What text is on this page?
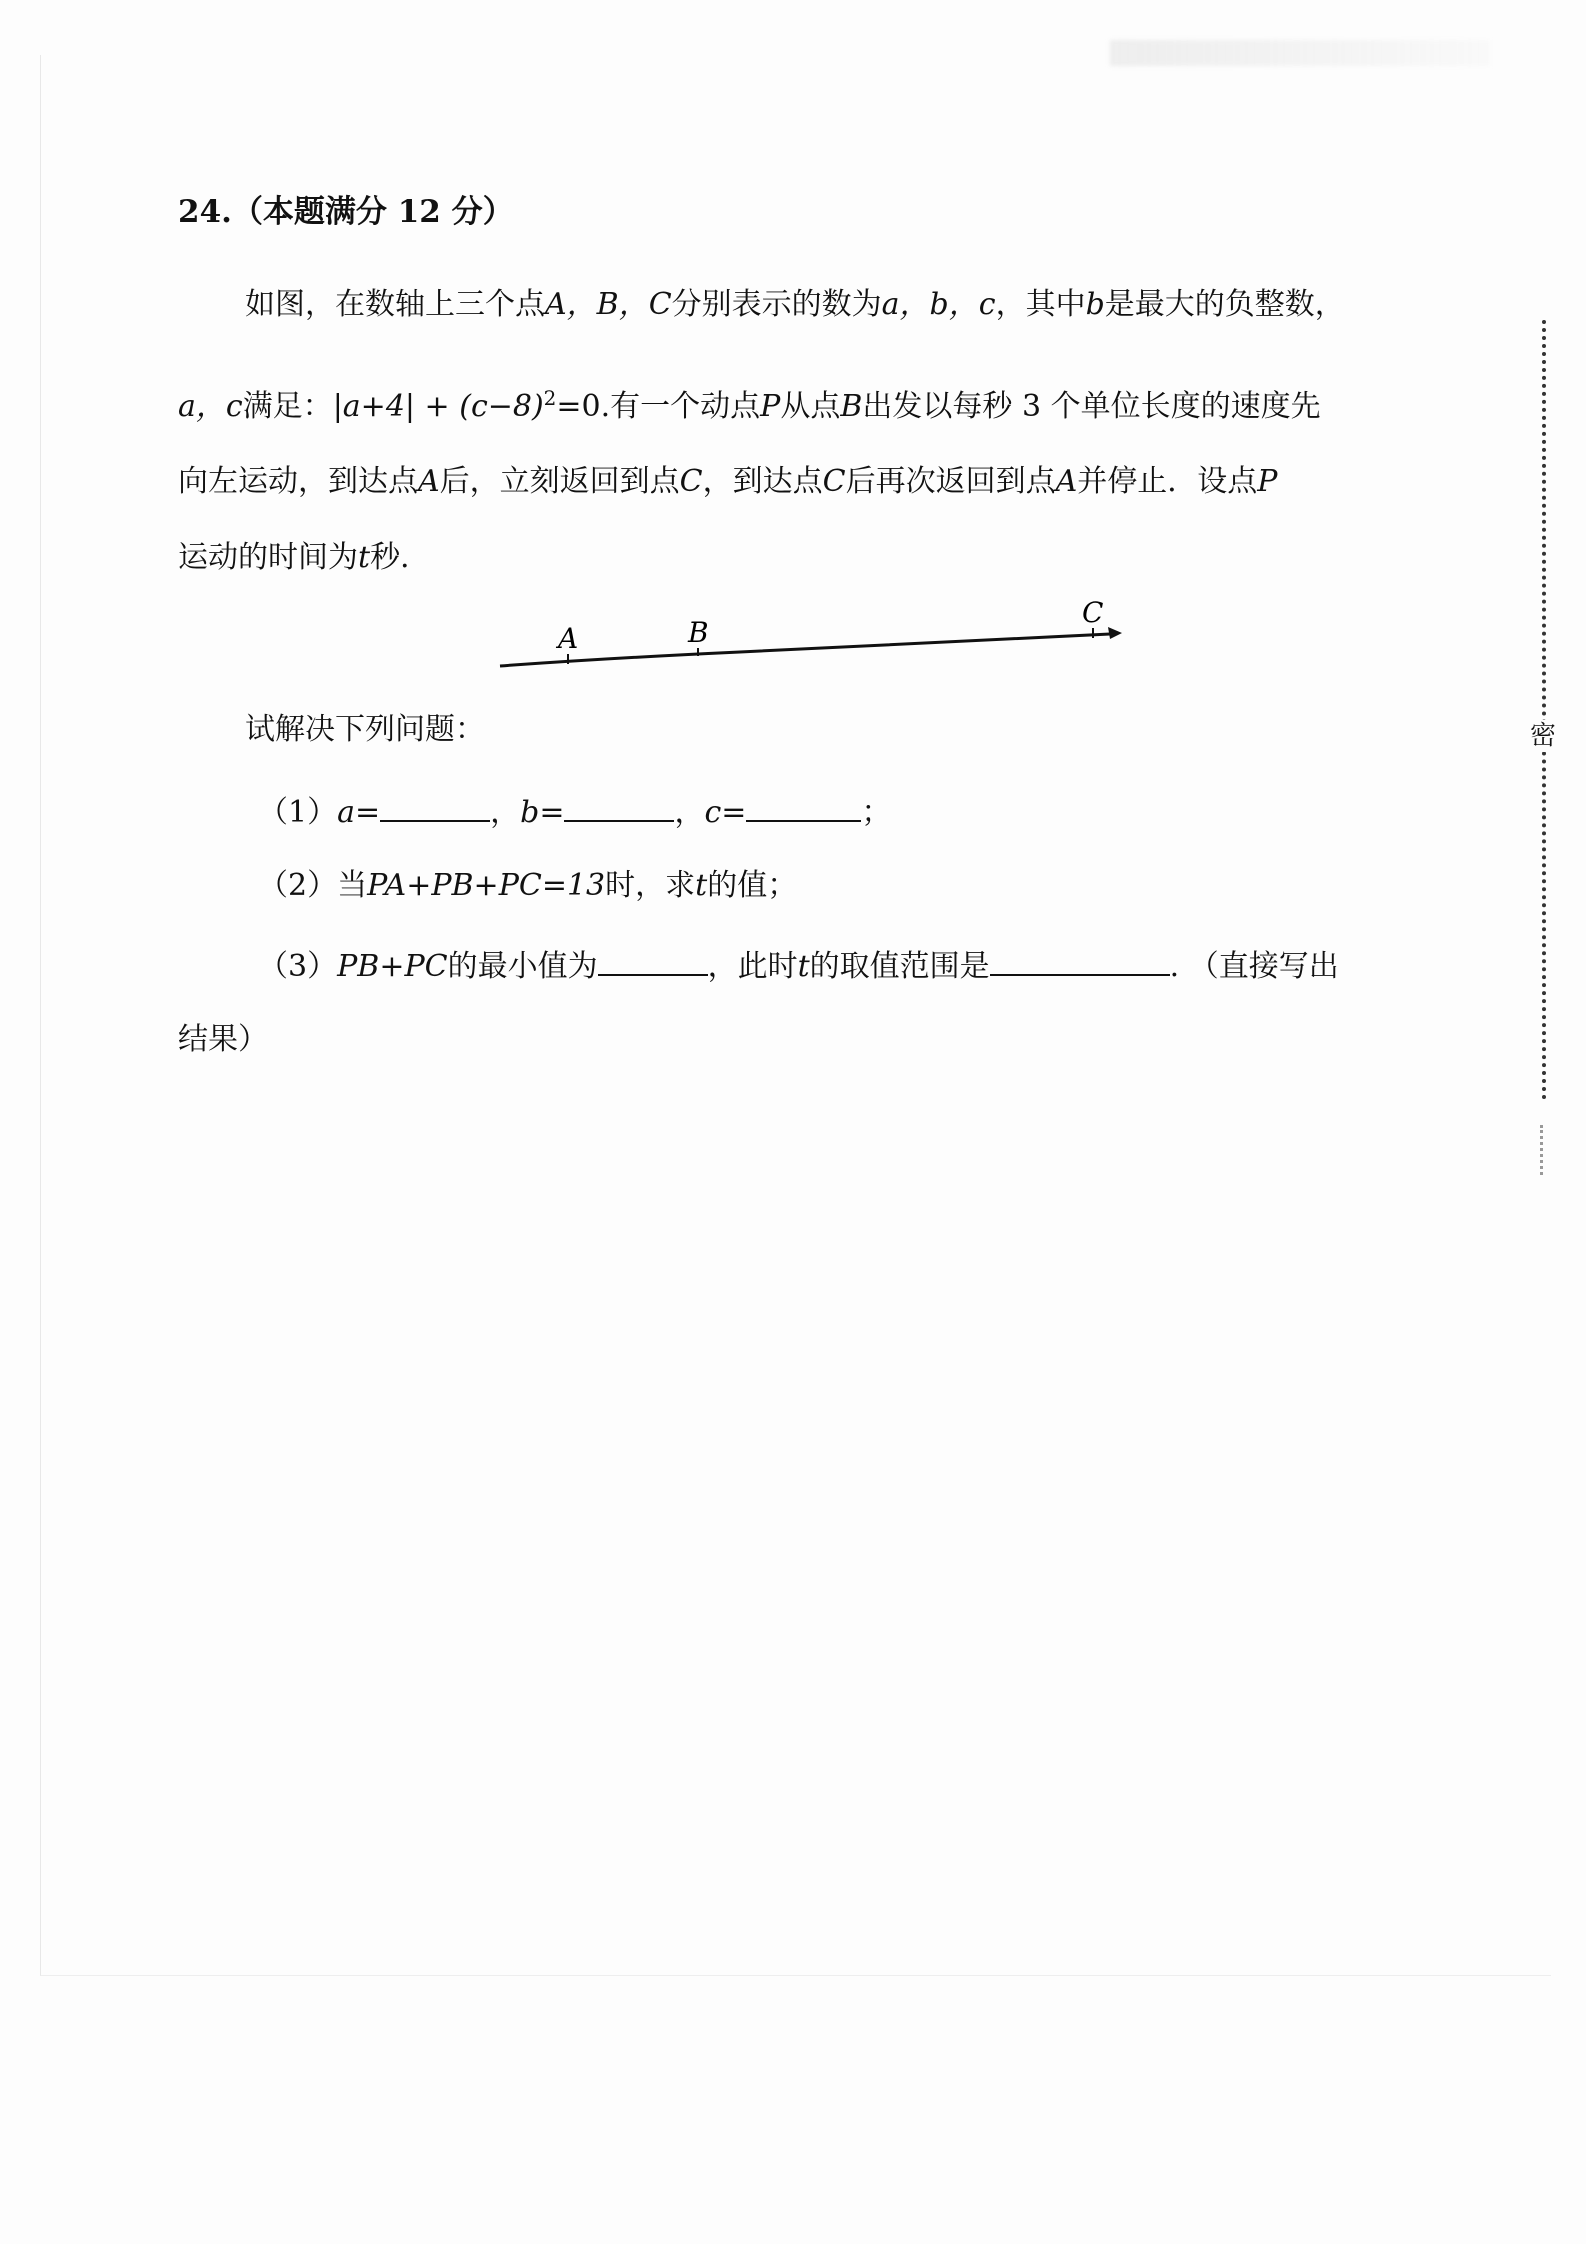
24.（本题满分 12 分）
如图，在数轴上三个点A，B，C分别表示的数为a，b，c，其中b是最大的负整数，
a，c满足：$|a+4| + (c-8)^2=0$.有一个动点P从点B出发以每秒 3 个单位长度的速度先
向左运动，到达点A后，立刻返回到点C，到达点C后再次返回到点A并停止．设点P
运动的时间为t秒.
A	B
C
试解决下列问题：
（1）a=	，b=	，c=	；
（2）当PA+PB+PC=13时，求t的值；
（3）PB+PC的最小值为	，此时t的取值范围是	. （直接写出
结果）
密
